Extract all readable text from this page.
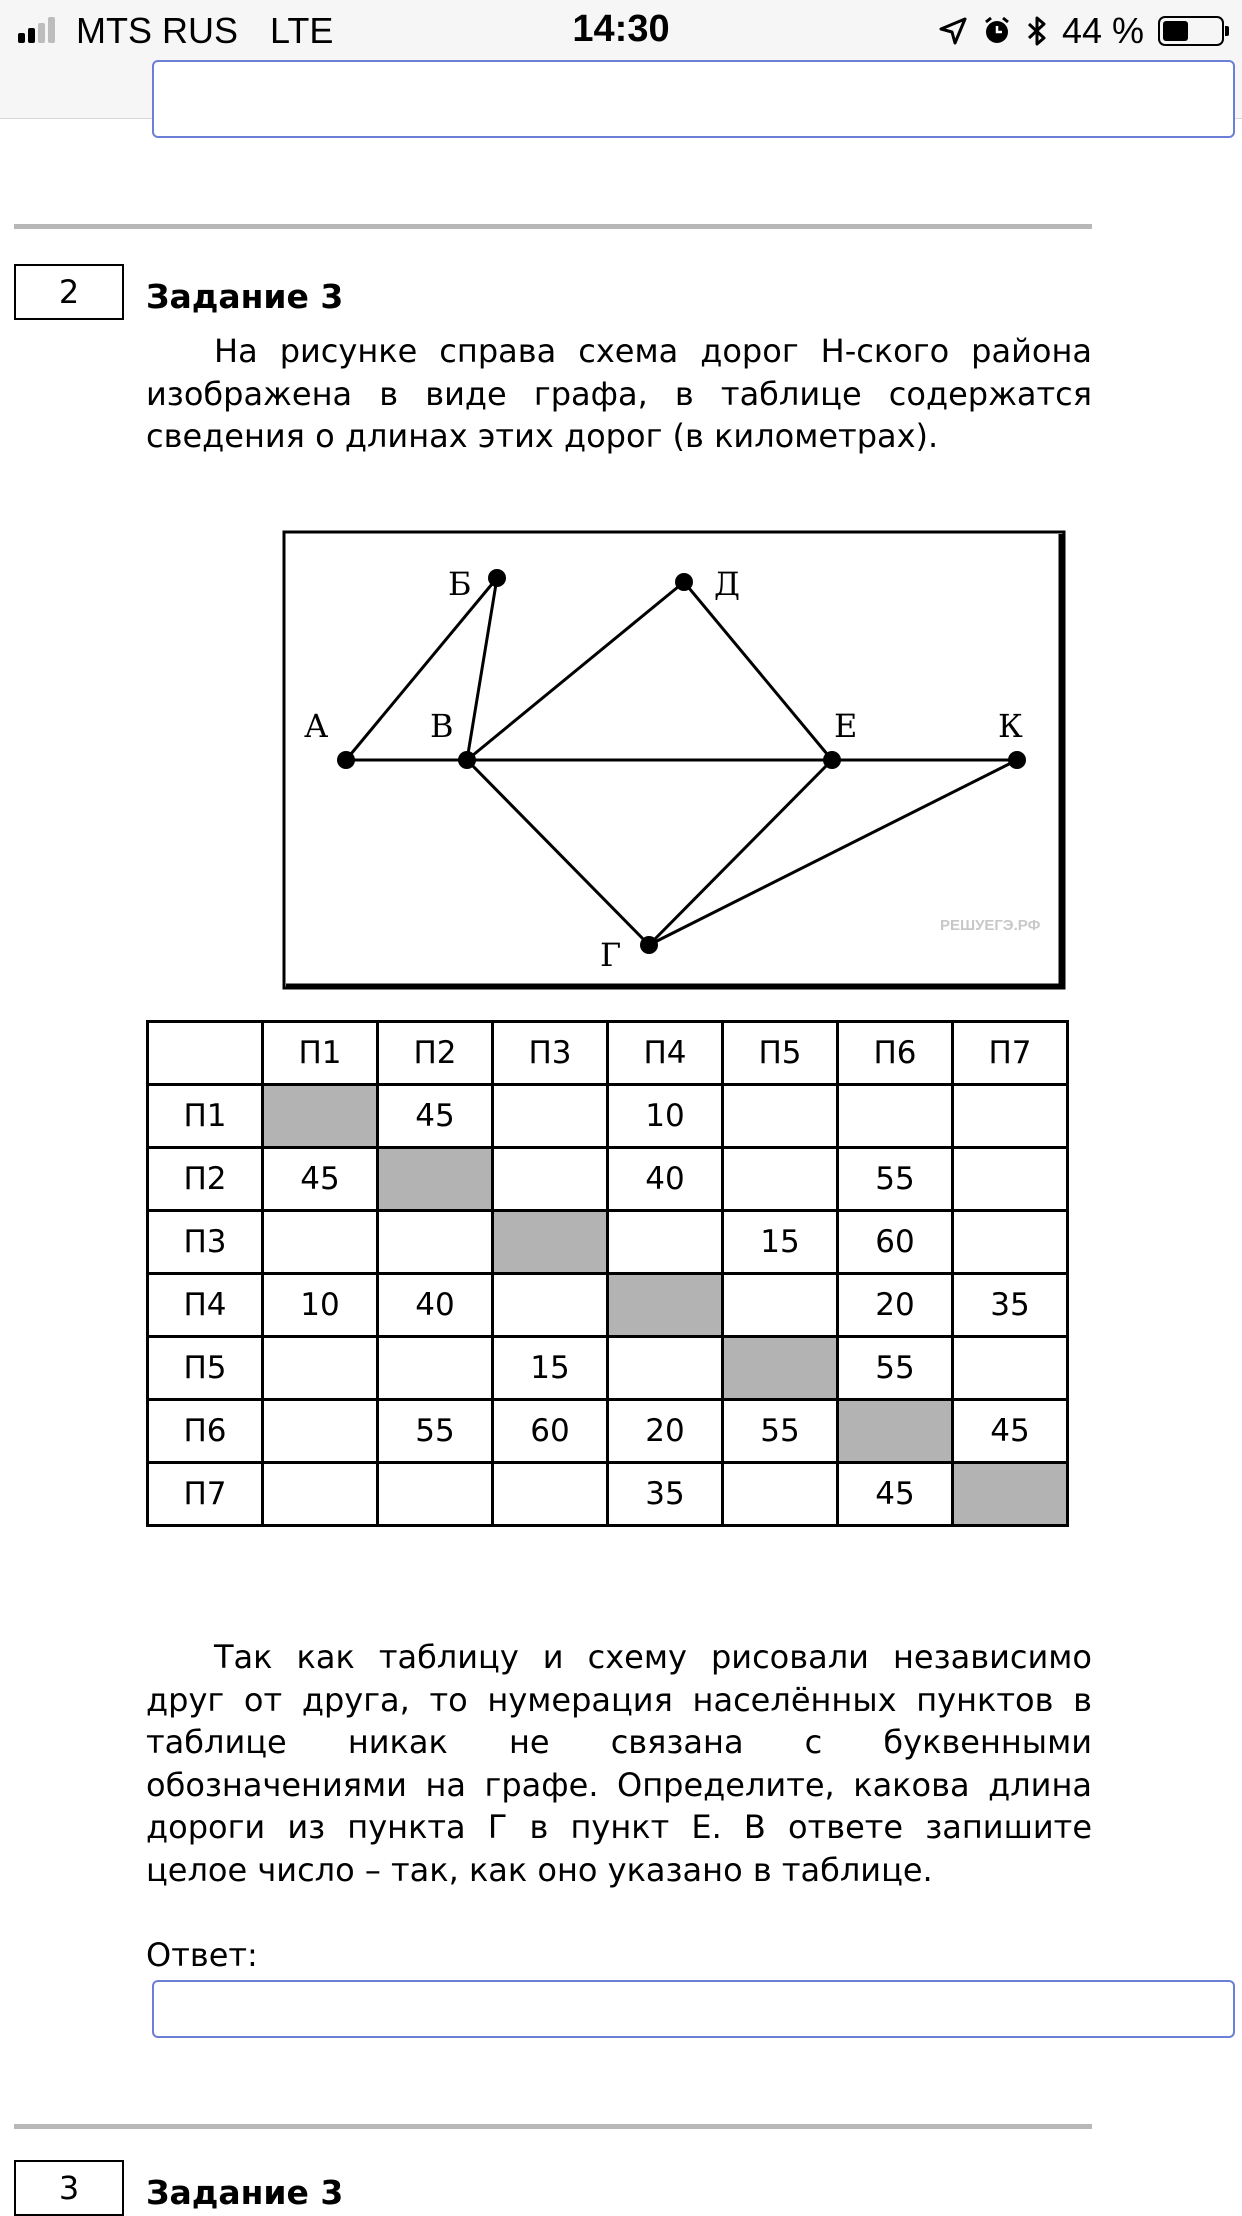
MTS RUS LTE	14:30	44 %
2	Задание 3

На рисунке справа схема дорог Н-ского района изображена в виде графа, в таблице содержатся сведения о длинах этих дорог (в километрах).

Б	Д
А	В	Е	К
Г
РЕШУЕГЭ.РФ
	П1	П2	П3	П4	П5	П6	П7
П1		45		10			
П2	45			40		55	
П3					15	60	
П4	10	40				20	35
П5			15			55	
П6		55	60	20	55		45
П7				35		45	

Так как таблицу и схему рисовали независимо друг от друга, то нумерация населённых пунктов в таблице никак не связана с буквенными обозначениями на графе. Определите, какова длина дороги из пункта Г в пункт Е. В ответе запишите целое число – так, как оно указано в таблице.

Ответ:
3	Задание 3
